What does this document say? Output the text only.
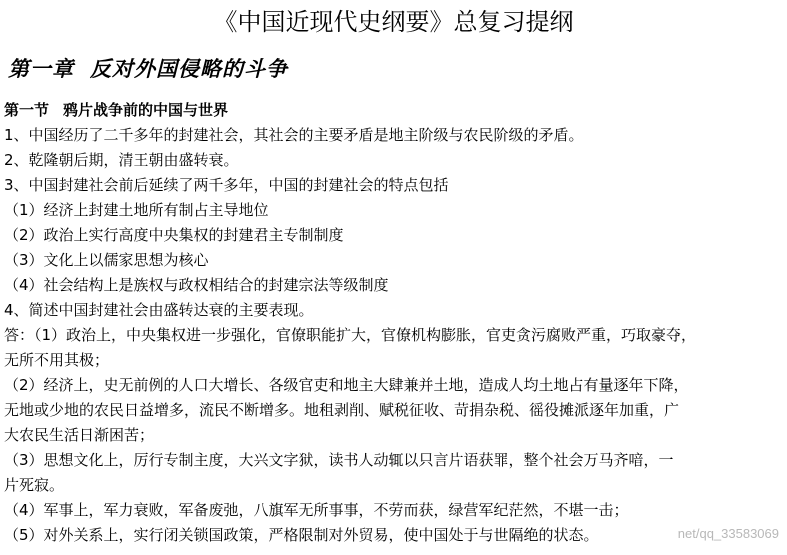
《中国近现代史纲要》总复习提纲
第一章 反对外国侵略的斗争
第一节 鸦片战争前的中国与世界

1、中国经历了二千多年的封建社会，其社会的主要矛盾是地主阶级与农民阶级的矛盾。

2、乾隆朝后期，清王朝由盛转衰。

3、中国封建社会前后延续了两千多年，中国的封建社会的特点包括

（1）经济上封建土地所有制占主导地位

（2）政治上实行高度中央集权的封建君主专制制度

（3）文化上以儒家思想为核心

（4）社会结构上是族权与政权相结合的封建宗法等级制度

4、简述中国封建社会由盛转达衰的主要表现。

答：（1）政治上，中央集权进一步强化，官僚职能扩大，官僚机构膨胀，官吏贪污腐败严重，巧取豪夺，

无所不用其极；

（2）经济上，史无前例的人口大增长、各级官吏和地主大肆兼并土地，造成人均土地占有量逐年下降，

无地或少地的农民日益增多，流民不断增多。地租剥削、赋税征收、苛捐杂税、徭役摊派逐年加重，广

大农民生活日渐困苦；

（3）思想文化上，厉行专制主度，大兴文字狱，读书人动辄以只言片语获罪，整个社会万马齐喑，一

片死寂。

（4）军事上，军力衰败，军备废弛，八旗军无所事事，不劳而获，绿营军纪茫然，不堪一击；

（5）对外关系上，实行闭关锁国政策，严格限制对外贸易，使中国处于与世隔绝的状态。	net/qq_33583069
